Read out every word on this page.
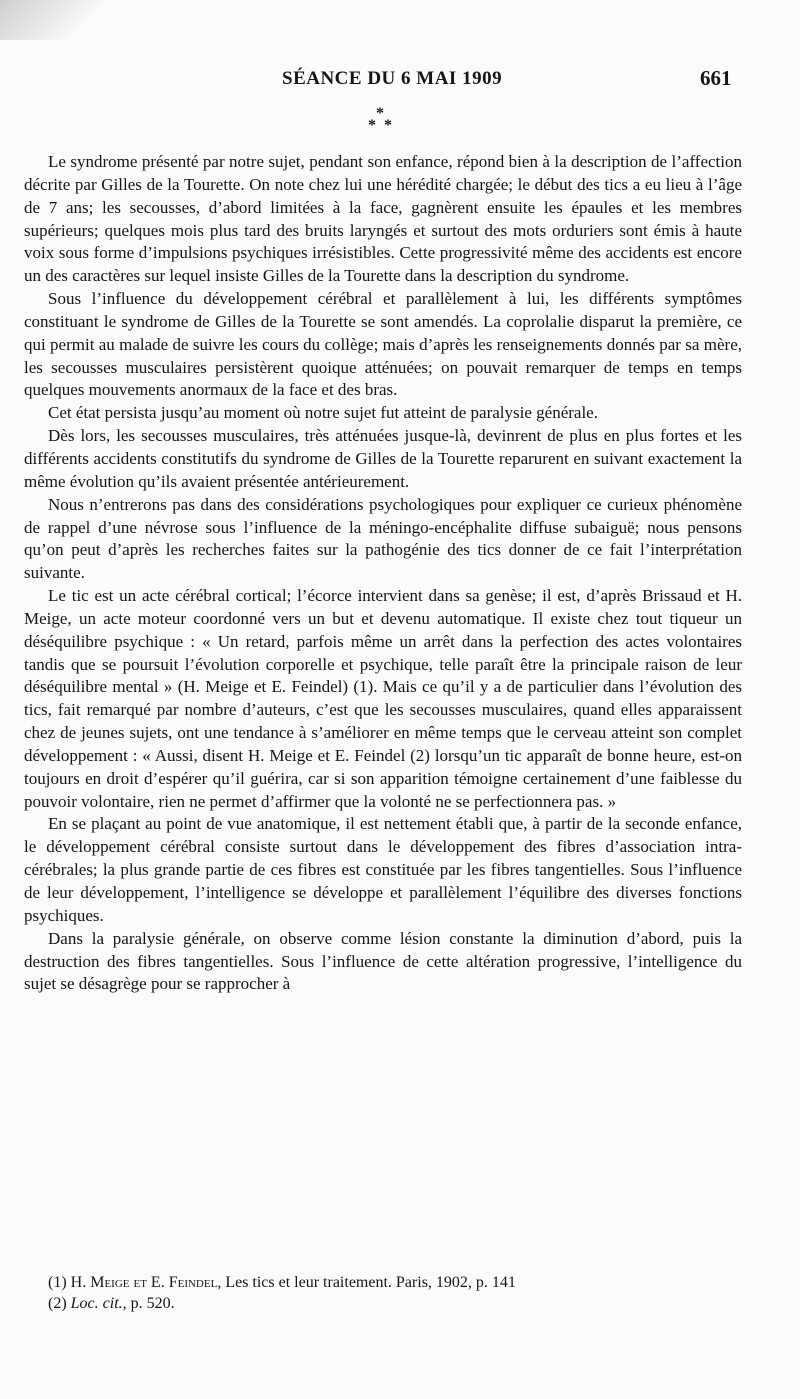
SÉANCE DU 6 MAI 1909	661
*
*  *

Le syndrome présenté par notre sujet, pendant son enfance, répond bien à la description de l’affection décrite par Gilles de la Tourette. On note chez lui une hérédité chargée; le début des tics a eu lieu à l’âge de 7 ans; les secousses, d’abord limitées à la face, gagnèrent ensuite les épaules et les membres supérieurs; quelques mois plus tard des bruits laryngés et surtout des mots orduriers sont émis à haute voix sous forme d’impulsions psychiques irrésistibles. Cette progressivité même des accidents est encore un des caractères sur lequel insiste Gilles de la Tourette dans la description du syndrome.

Sous l’influence du développement cérébral et parallèlement à lui, les différents symptômes constituant le syndrome de Gilles de la Tourette se sont amendés. La coprolalie disparut la première, ce qui permit au malade de suivre les cours du collège; mais d’après les renseignements donnés par sa mère, les secousses musculaires persistèrent quoique atténuées; on pouvait remarquer de temps en temps quelques mouvements anormaux de la face et des bras.

Cet état persista jusqu’au moment où notre sujet fut atteint de paralysie générale.

Dès lors, les secousses musculaires, très atténuées jusque-là, devinrent de plus en plus fortes et les différents accidents constitutifs du syndrome de Gilles de la Tourette reparurent en suivant exactement la même évolution qu’ils avaient présentée antérieurement.

Nous n’entrerons pas dans des considérations psychologiques pour expliquer ce curieux phénomène de rappel d’une névrose sous l’influence de la méningo-encéphalite diffuse subaiguë; nous pensons qu’on peut d’après les recherches faites sur la pathogénie des tics donner de ce fait l’interprétation suivante.

Le tic est un acte cérébral cortical; l’écorce intervient dans sa genèse; il est, d’après Brissaud et H. Meige, un acte moteur coordonné vers un but et devenu automatique. Il existe chez tout tiqueur un déséquilibre psychique : « Un retard, parfois même un arrêt dans la perfection des actes volontaires tandis que se poursuit l’évolution corporelle et psychique, telle paraît être la principale raison de leur déséquilibre mental » (H. Meige et E. Feindel) (1). Mais ce qu’il y a de particulier dans l’évolution des tics, fait remarqué par nombre d’auteurs, c’est que les secousses musculaires, quand elles apparaissent chez de jeunes sujets, ont une tendance à s’améliorer en même temps que le cerveau atteint son complet développement : « Aussi, disent H. Meige et E. Feindel (2) lorsqu’un tic apparaît de bonne heure, est-on toujours en droit d’espérer qu’il guérira, car si son apparition témoigne certainement d’une faiblesse du pouvoir volontaire, rien ne permet d’affirmer que la volonté ne se perfectionnera pas. »

En se plaçant au point de vue anatomique, il est nettement établi que, à partir de la seconde enfance, le développement cérébral consiste surtout dans le développement des fibres d’association intra-cérébrales; la plus grande partie de ces fibres est constituée par les fibres tangentielles. Sous l’influence de leur développement, l’intelligence se développe et parallèlement l’équilibre des diverses fonctions psychiques.

Dans la paralysie générale, on observe comme lésion constante la diminution d’abord, puis la destruction des fibres tangentielles. Sous l’influence de cette altération progressive, l’intelligence du sujet se désagrège pour se rapprocher à

(1) H. Meige et E. Feindel, Les tics et leur traitement. Paris, 1902, p. 141

(2) Loc. cit., p. 520.
